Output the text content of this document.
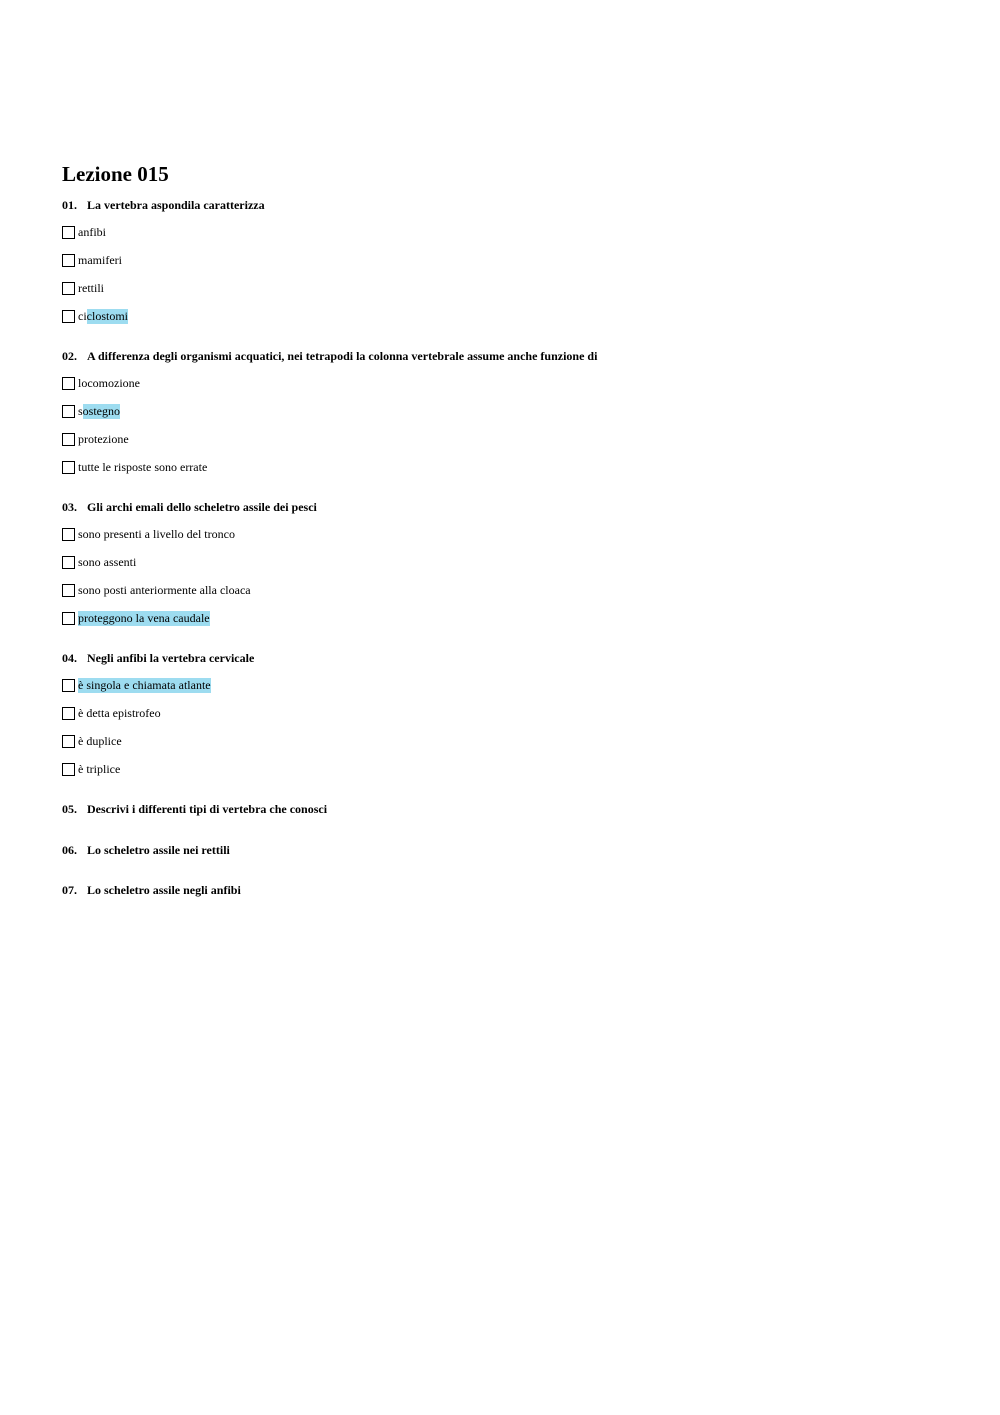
Lezione 015
01. La vertebra aspondila caratterizza
anfibi
mamiferi
rettili
ci clostomi
02. A differenza degli organismi acquatici, nei tetrapodi la colonna vertebrale assume anche funzione di
locomozione
s ostegno
protezione
tutte le risposte sono errate
03. Gli archi emali dello scheletro assile dei pesci
sono presenti a livello del tronco
sono assenti
sono posti anteriormente alla cloaca
proteggono la vena caudale
04. Negli anfibi la vertebra cervicale
è singola e chiamata atlante
è detta epistrofeo
è duplice
è triplice
05. Descrivi i differenti tipi di vertebra che conosci
06. Lo scheletro assile nei rettili
07. Lo scheletro assile negli anfibi
